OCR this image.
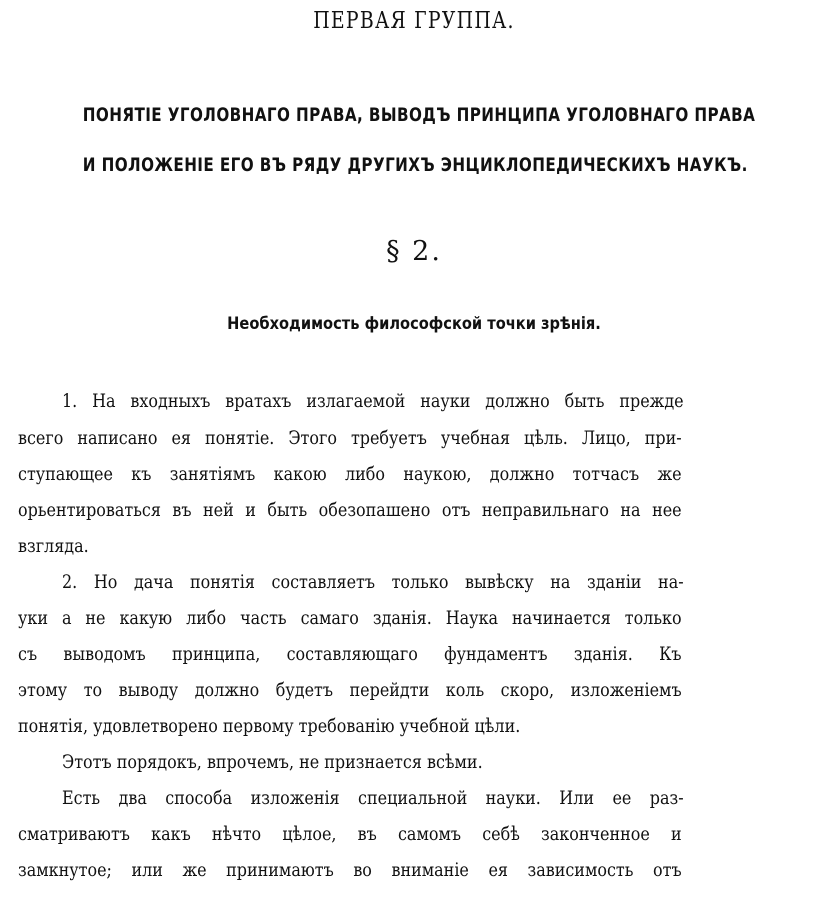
ПЕРВАЯ ГРУППА.
ПОНЯТІЕ УГОЛОВНАГО ПРАВА, ВЫВОДЪ ПРИНЦИПА УГОЛОВНАГО ПРАВА
И ПОЛОЖЕНІЕ ЕГО ВЪ РЯДУ ДРУГИХЪ ЭНЦИКЛОПЕДИЧЕСКИХЪ НАУКЪ.
§ 2.
Необходимость философской точки зрѣнія.
1. На входныхъ вратахъ излагаемой науки должно быть прежде
всего написано ея понятіе. Этого требуетъ учебная цѣль. Лицо, при-
ступающее къ занятіямъ какою либо наукою, должно тотчасъ же
орьентироваться въ ней и быть обезопашено отъ неправильнаго на нее
взгляда.
2. Но дача понятія составляетъ только вывѣску на зданіи на-
уки а не какую либо часть самаго зданія. Наука начинается только
съ выводомъ принципа, составляющаго фундаментъ зданія. Къ
этому то выводу должно будетъ перейдти коль скоро, изложеніемъ
понятія, удовлетворено первому требованію учебной цѣли.
Этотъ порядокъ, впрочемъ, не признается всѣми.
Есть два способа изложенія специальной науки. Или ее раз-
сматриваютъ какъ нѣчто цѣлое, въ самомъ себѣ законченное и
замкнутое; или же принимаютъ во вниманіе ея зависимость отъ
